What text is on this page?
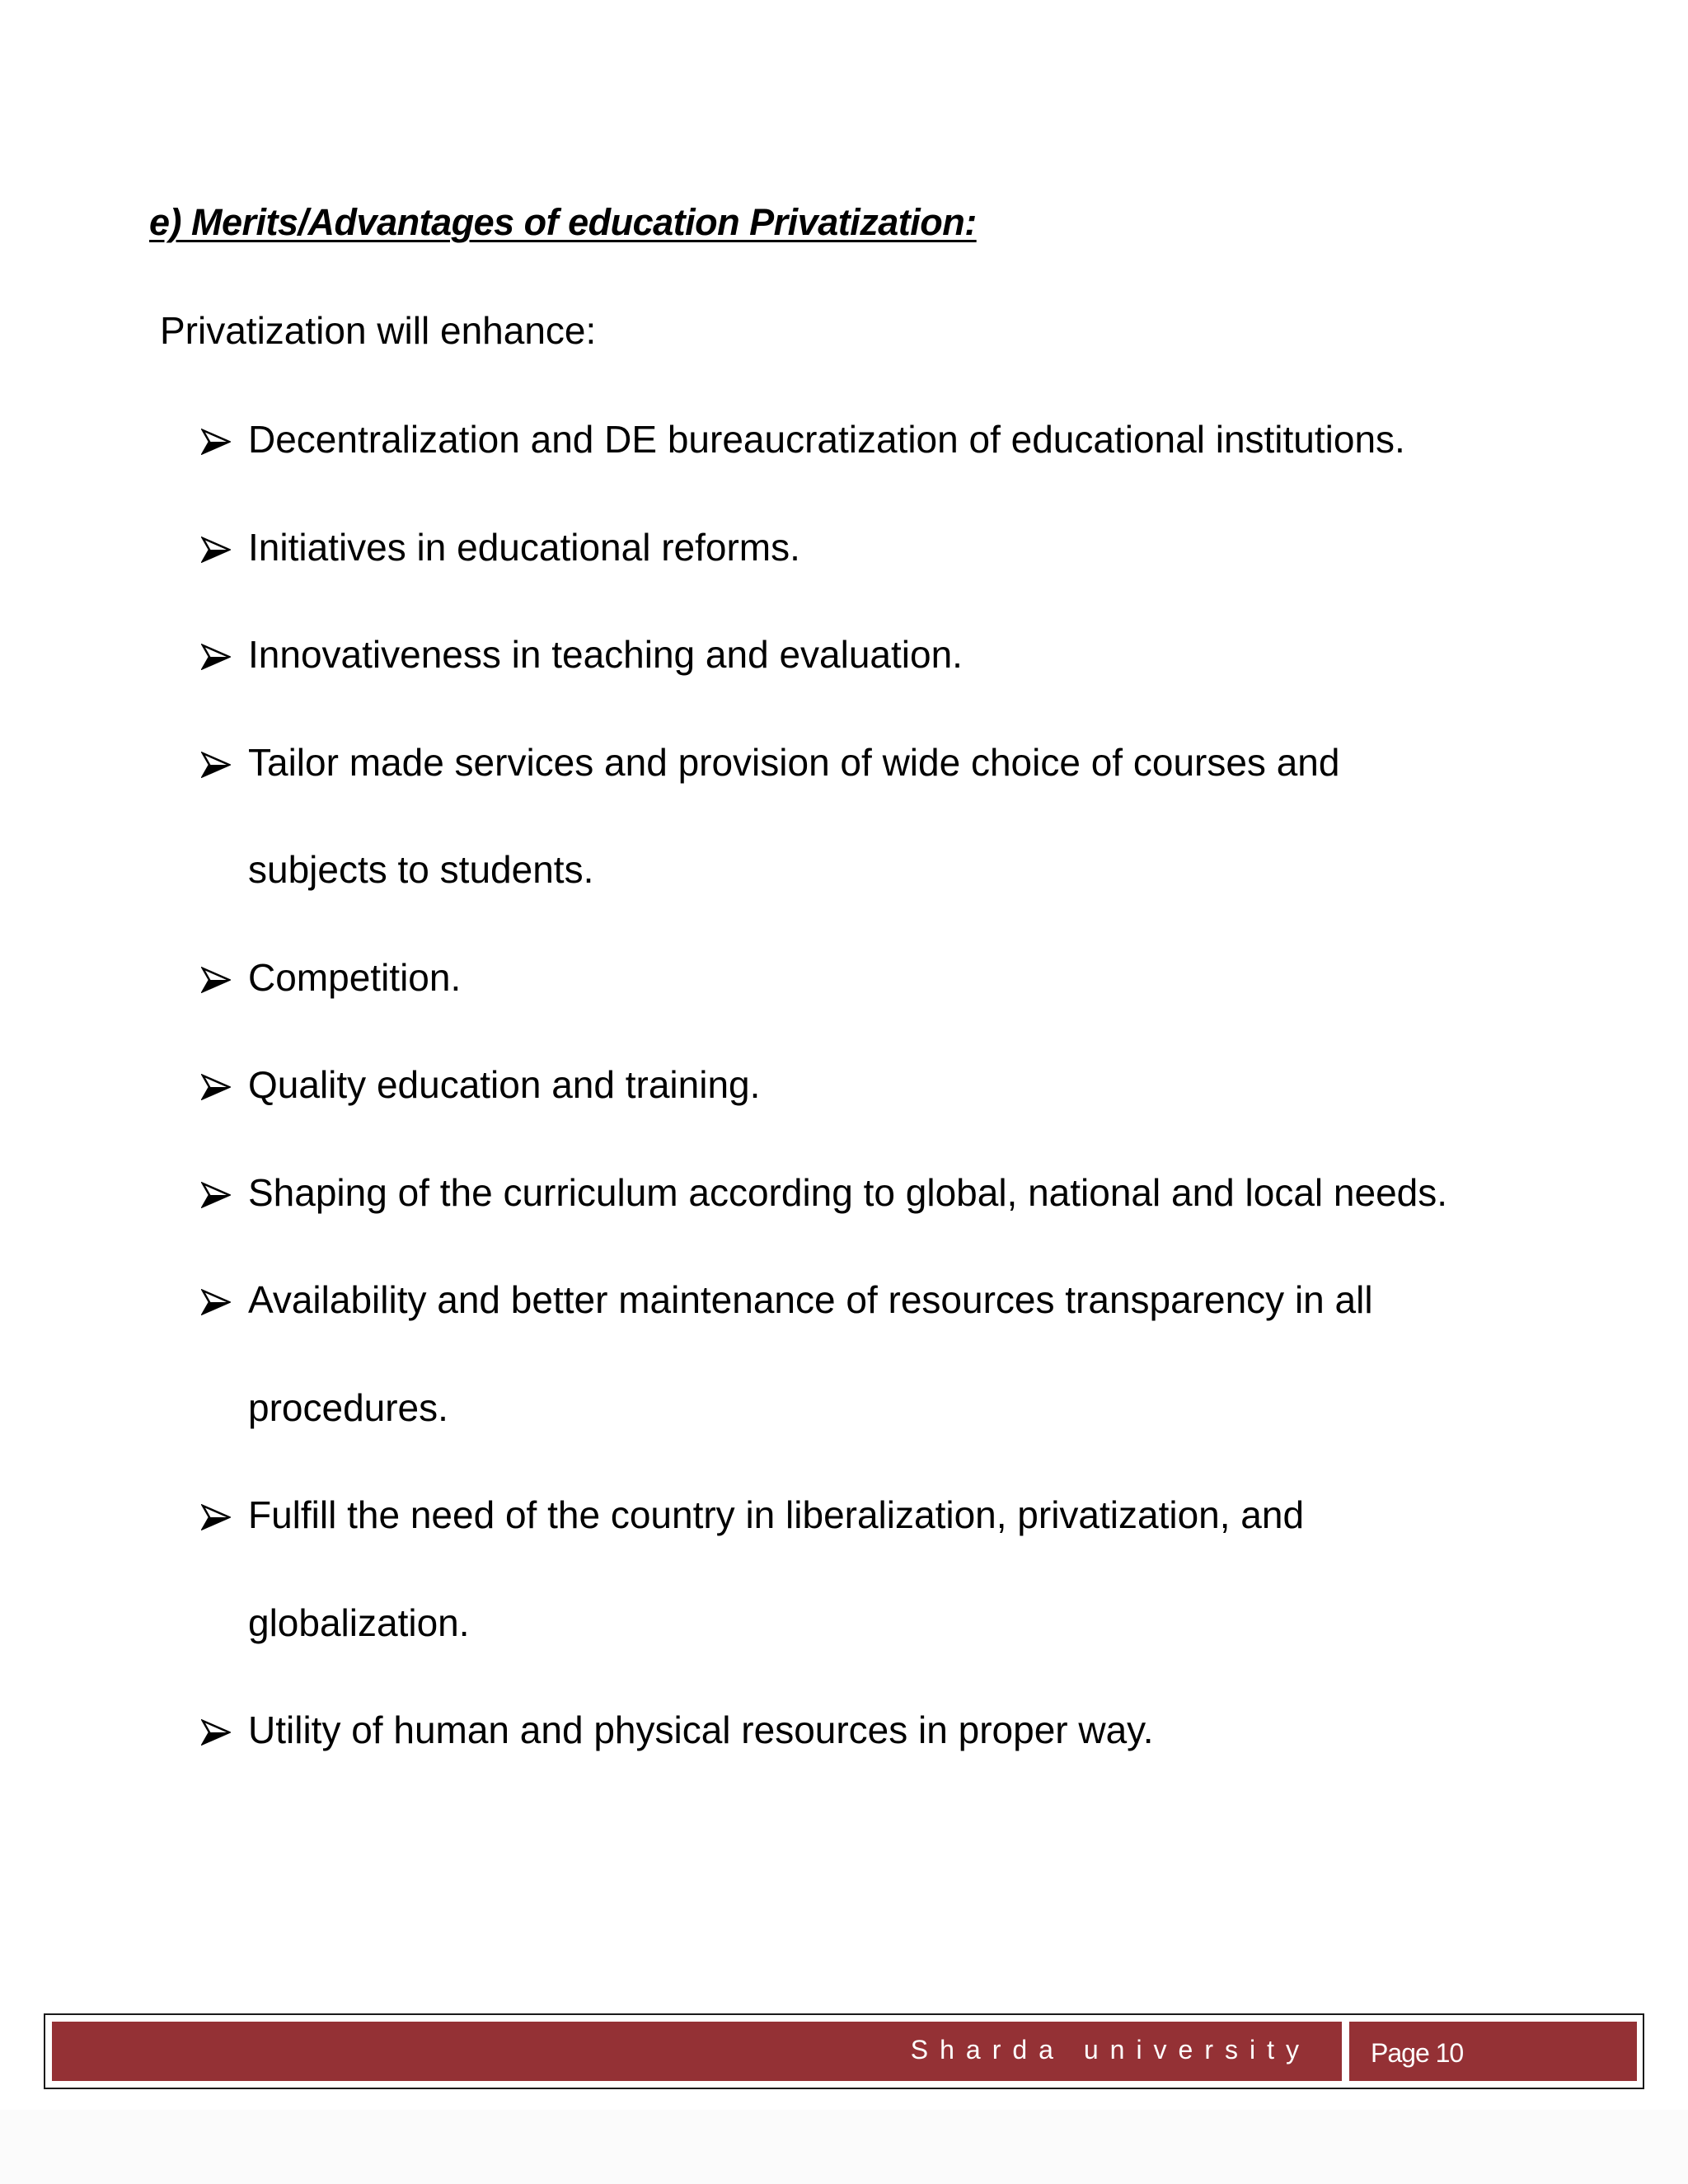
e) Merits/Advantages of education Privatization:
Privatization will enhance:
Decentralization and DE bureaucratization of educational institutions.
Initiatives in educational reforms.
Innovativeness in teaching and evaluation.
Tailor made services and provision of wide choice of courses and
subjects to students.
Competition.
Quality education and training.
Shaping of the curriculum according to global, national and local needs.
Availability and better maintenance of resources transparency in all
procedures.
Fulfill the need of the country in liberalization, privatization, and
globalization.
Utility of human and physical resources in proper way.
Sharda university Page 10
